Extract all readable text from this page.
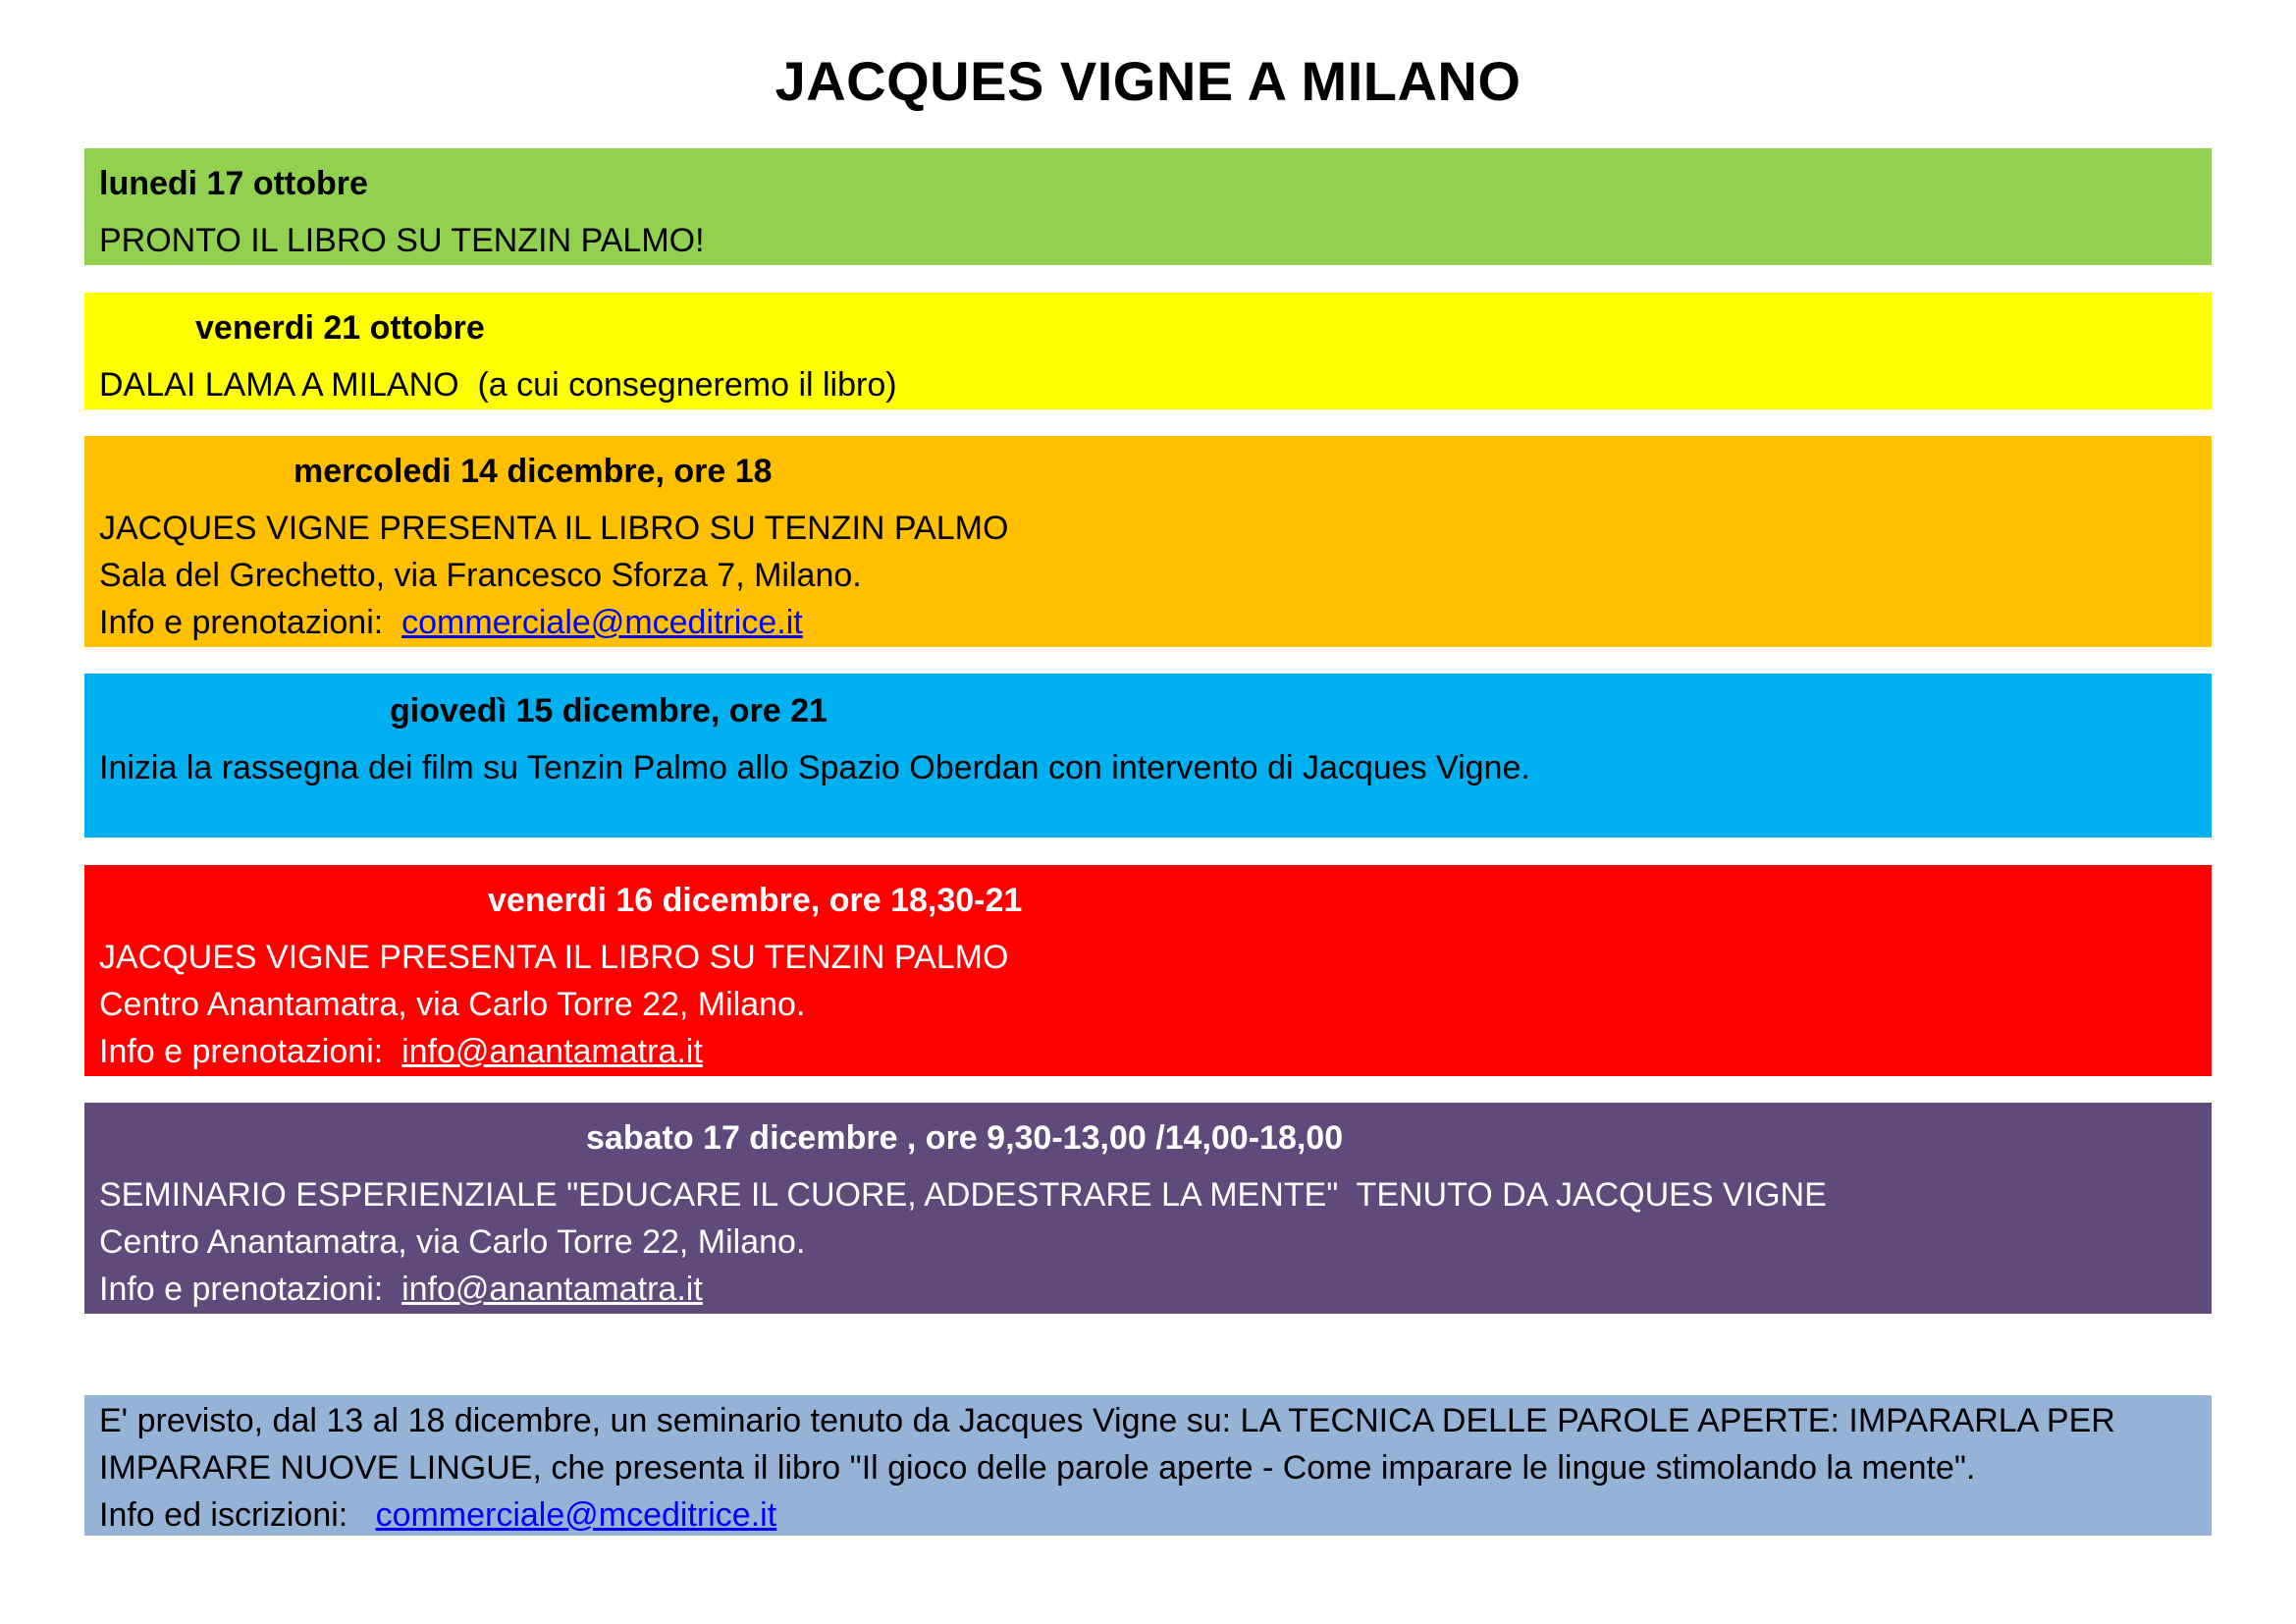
JACQUES VIGNE A MILANO
lunedi 17 ottobre
PRONTO IL LIBRO SU TENZIN PALMO!
venerdi 21 ottobre
DALAI LAMA A MILANO  (a cui consegneremo il libro)
mercoledi 14 dicembre, ore 18
JACQUES VIGNE PRESENTA IL LIBRO SU TENZIN PALMO
Sala del Grechetto, via Francesco Sforza 7, Milano.
Info e prenotazioni:  commerciale@mceditrice.it
giovedì 15 dicembre, ore 21
Inizia la rassegna dei film su Tenzin Palmo allo Spazio Oberdan con intervento di Jacques Vigne.
venerdi 16 dicembre, ore 18,30-21
JACQUES VIGNE PRESENTA IL LIBRO SU TENZIN PALMO
Centro Anantamatra, via Carlo Torre 22, Milano.
Info e prenotazioni:  info@anantamatra.it
sabato 17 dicembre , ore 9,30-13,00 /14,00-18,00
SEMINARIO ESPERIENZIALE "EDUCARE IL CUORE, ADDESTRARE LA MENTE"  TENUTO DA JACQUES VIGNE
Centro Anantamatra, via Carlo Torre 22, Milano.
Info e prenotazioni:  info@anantamatra.it
E' previsto, dal 13 al 18 dicembre, un seminario tenuto da Jacques Vigne su: LA TECNICA DELLE PAROLE APERTE: IMPARARLA PER
IMPARARE NUOVE LINGUE, che presenta il libro "Il gioco delle parole aperte - Come imparare le lingue stimolando la mente".
Info ed iscrizioni:   commerciale@mceditrice.it
